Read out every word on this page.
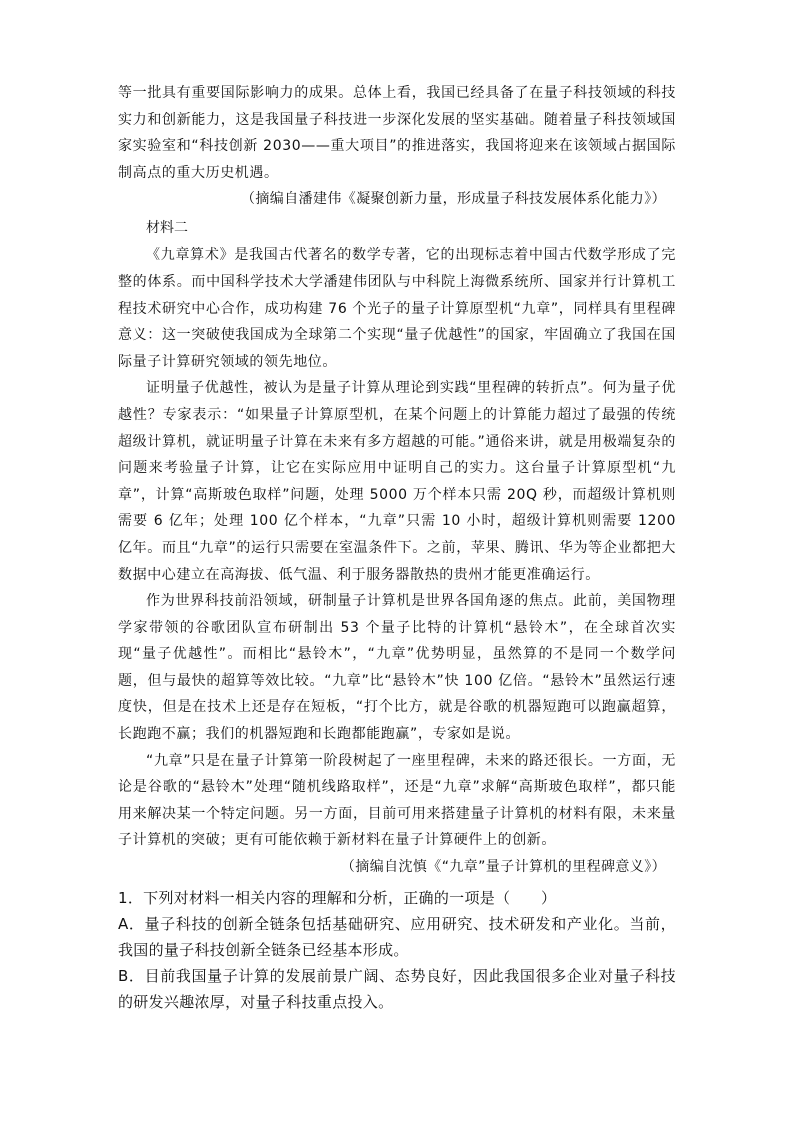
等一批具有重要国际影响力的成果。总体上看，我国已经具备了在量子科技领域的科技实力和创新能力，这是我国量子科技进一步深化发展的坚实基础。随着量子科技领域国家实验室和“科技创新 2030——重大项目”的推进落实，我国将迎来在该领域占据国际制高点的重大历史机遇。

（摘编自潘建伟《凝聚创新力量，形成量子科技发展体系化能力》）

材料二

《九章算术》是我国古代著名的数学专著，它的出现标志着中国古代数学形成了完整的体系。而中国科学技术大学潘建伟团队与中科院上海微系统所、国家并行计算机工程技术研究中心合作，成功构建 76 个光子的量子计算原型机“九章”，同样具有里程碑意义：这一突破使我国成为全球第二个实现“量子优越性”的国家，牢固确立了我国在国际量子计算研究领域的领先地位。

证明量子优越性，被认为是量子计算从理论到实践“里程碑的转折点”。何为量子优越性？专家表示：“如果量子计算原型机，在某个问题上的计算能力超过了最强的传统超级计算机，就证明量子计算在未来有多方超越的可能。”通俗来讲，就是用极端复杂的问题来考验量子计算，让它在实际应用中证明自己的实力。这台量子计算原型机“九章”，计算“高斯玻色取样”问题，处理 5000 万个样本只需 20Q 秒，而超级计算机则需要 6 亿年；处理 100 亿个样本，“九章”只需 10 小时，超级计算机则需要 1200 亿年。而且“九章”的运行只需要在室温条件下。之前，苹果、腾讯、华为等企业都把大数据中心建立在高海拔、低气温、利于服务器散热的贵州才能更准确运行。

作为世界科技前沿领域，研制量子计算机是世界各国角逐的焦点。此前，美国物理学家带领的谷歌团队宣布研制出 53 个量子比特的计算机“悬铃木”，在全球首次实现“量子优越性”。而相比“悬铃木”，“九章”优势明显，虽然算的不是同一个数学问题，但与最快的超算等效比较。“九章”比“悬铃木”快 100 亿倍。“悬铃木”虽然运行速度快，但是在技术上还是存在短板，“打个比方，就是谷歌的机器短跑可以跑赢超算，长跑跑不赢；我们的机器短跑和长跑都能跑赢”，专家如是说。

“九章”只是在量子计算第一阶段树起了一座里程碑，未来的路还很长。一方面，无论是谷歌的“悬铃木”处理“随机线路取样”，还是“九章”求解“高斯玻色取样”，都只能用来解决某一个特定问题。另一方面，目前可用来搭建量子计算机的材料有限，未来量子计算机的突破；更有可能依赖于新材料在量子计算硬件上的创新。

（摘编自沈慎《“九章”量子计算机的里程碑意义》）

1．下列对材料一相关内容的理解和分析，正确的一项是（　　）

A．量子科技的创新全链条包括基础研究、应用研究、技术研发和产业化。当前，我国的量子科技创新全链条已经基本形成。

B．目前我国量子计算的发展前景广阔、态势良好，因此我国很多企业对量子科技的研发兴趣浓厚，对量子科技重点投入。
